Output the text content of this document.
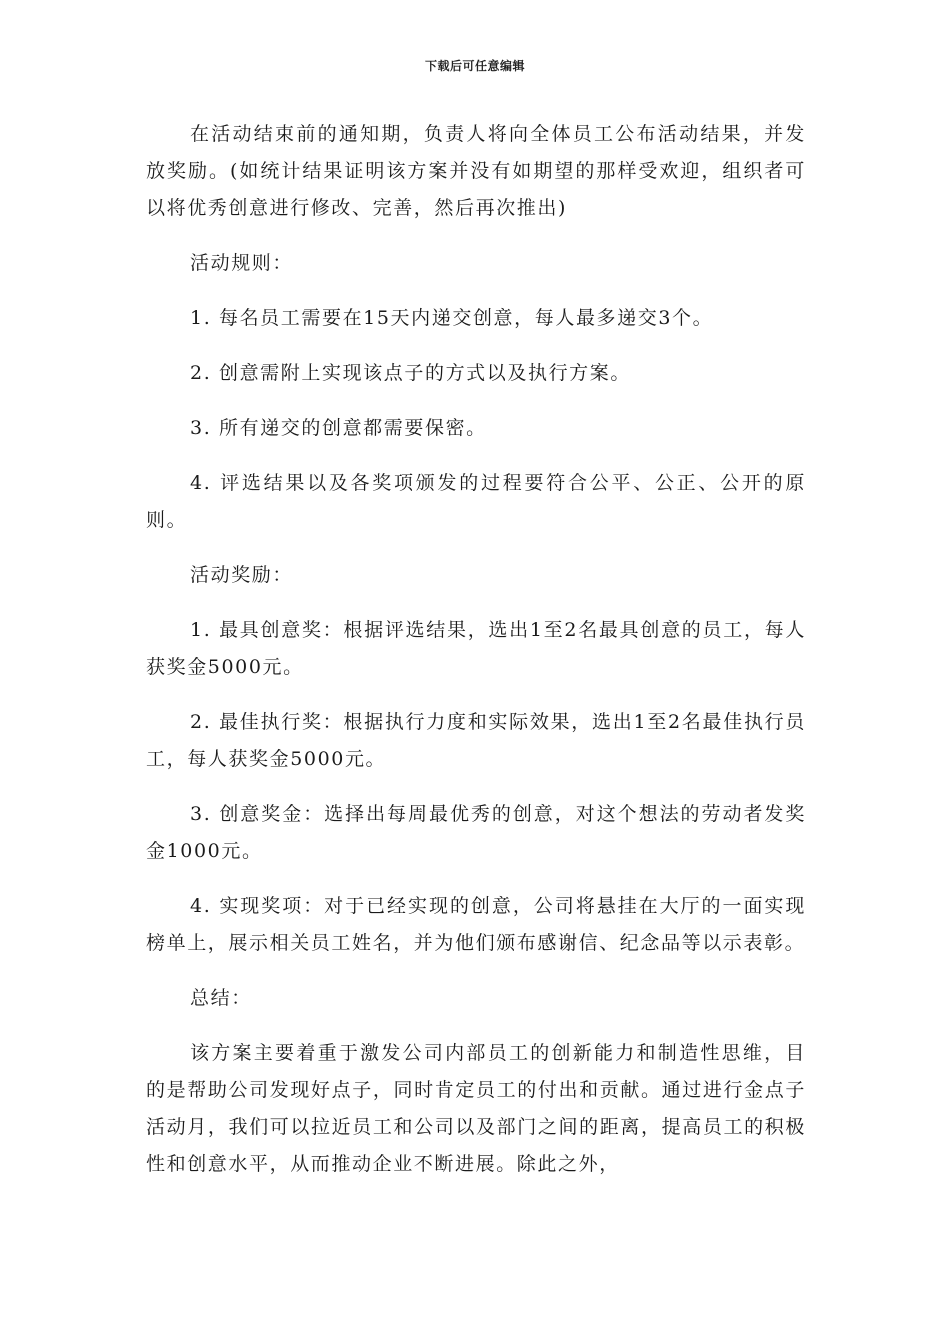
下载后可任意编辑

在活动结束前的通知期，负责人将向全体员工公布活动结果，并发放奖励。(如统计结果证明该方案并没有如期望的那样受欢迎，组织者可以将优秀创意进行修改、完善，然后再次推出)

活动规则：

1. 每名员工需要在15天内递交创意，每人最多递交3个。

2. 创意需附上实现该点子的方式以及执行方案。

3. 所有递交的创意都需要保密。

4. 评选结果以及各奖项颁发的过程要符合公平、公正、公开的原则。

活动奖励：

1. 最具创意奖：根据评选结果，选出1至2名最具创意的员工，每人获奖金5000元。

2. 最佳执行奖：根据执行力度和实际效果，选出1至2名最佳执行员工，每人获奖金5000元。

3. 创意奖金：选择出每周最优秀的创意，对这个想法的劳动者发奖金1000元。

4. 实现奖项：对于已经实现的创意，公司将悬挂在大厅的一面实现榜单上，展示相关员工姓名，并为他们颁布感谢信、纪念品等以示表彰。

总结：

该方案主要着重于激发公司内部员工的创新能力和制造性思维，目的是帮助公司发现好点子，同时肯定员工的付出和贡献。通过进行金点子活动月，我们可以拉近员工和公司以及部门之间的距离，提高员工的积极性和创意水平，从而推动企业不断进展。除此之外，
